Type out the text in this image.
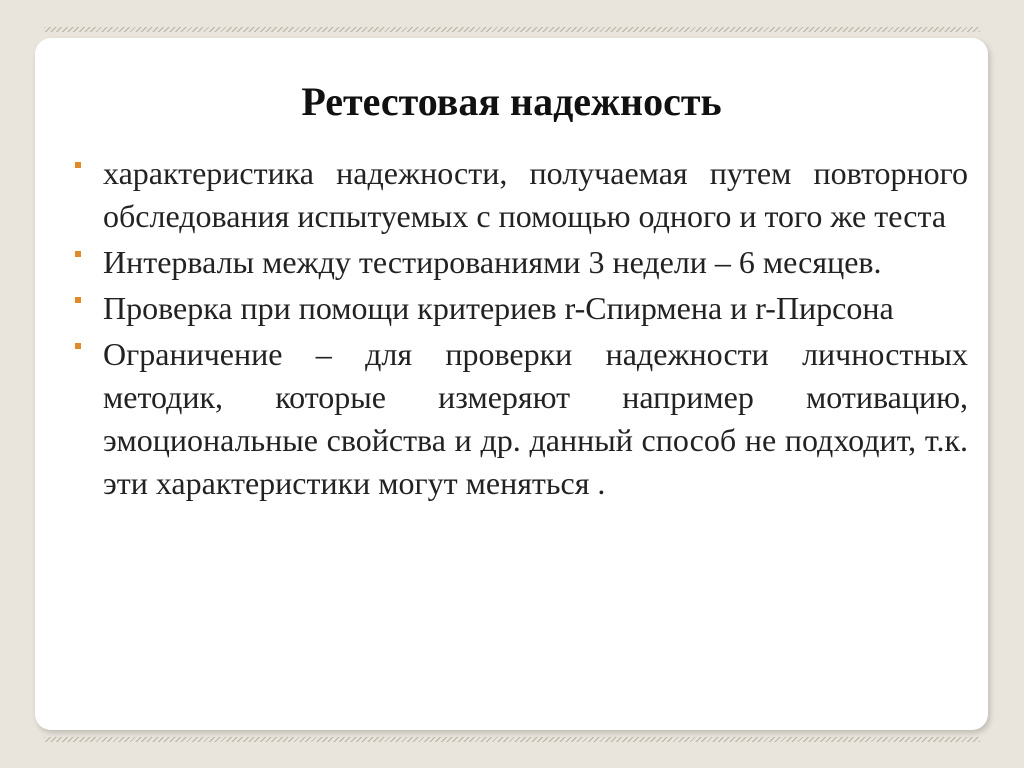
Ретестовая надежность
характеристика надежности, получаемая путем повторного обследования испытуемых с помощью одного и того же теста
Интервалы между тестированиями 3 недели – 6 месяцев.
Проверка при помощи критериев r-Спирмена и r-Пирсона
Ограничение – для проверки надежности личностных методик, которые измеряют например мотивацию, эмоциональные свойства и др. данный способ не подходит, т.к. эти характеристики могут меняться .
